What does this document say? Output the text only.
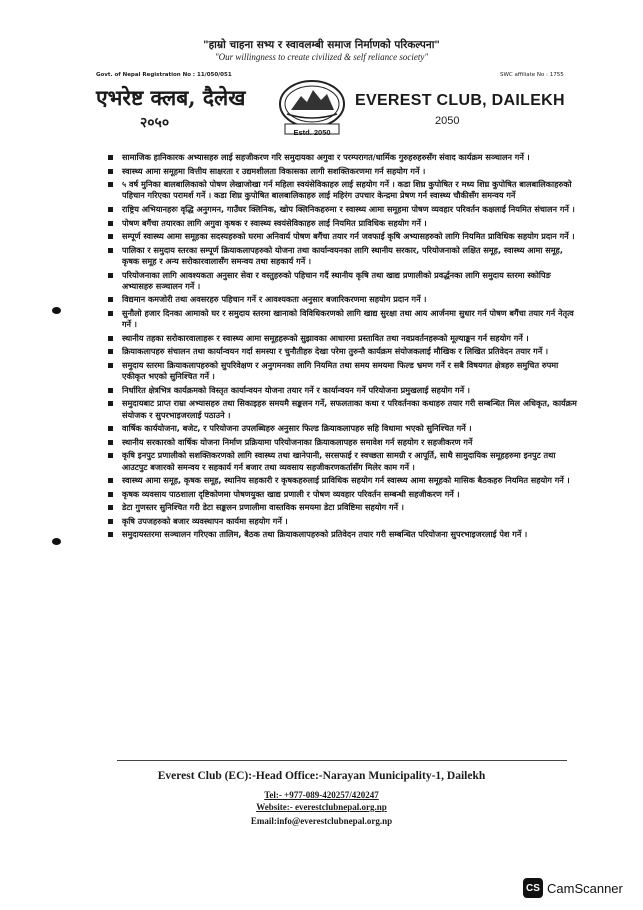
"हाम्रो चाहना सभ्य र स्वावलम्बी समाज निर्माणको परिकल्पना"
"Our willingness to create civilized & self reliance society"
Govt. of Nepal Registration No : 11/050/051	SWC affiliate No : 1755
एभरेष्ट क्लब, दैलेख
२०५०
Estd. 2050
EVEREST CLUB, DAILEKH
2050
सामाजिक हानिकारक अभ्यासहरु लाई सहजीकरण गरि समुदायका अगुवा र परम्परागत/धार्मिक गुरुहरुहरुसँग संवाद कार्यक्रम सञ्चालन गर्ने ।
स्वास्थ्य आमा समूहमा वित्तीय साक्षरता र उद्यमशीलता विकासका लागी सशक्तिकरणमा गर्न सहयोग गर्ने ।
५ वर्ष मुनिका बालबालिकाको पोषण लेखाजोखा गर्न महिला स्वयंसेविकाहरु लाई सहयोग गर्ने । कडा शिघ्र कुपोषित र मध्य शिघ्र कुपोषित बालबालिकाहरुको पहिचान गरिएका परामर्श गर्ने । कडा शिघ्र कुपोषित बालबालिकाहरु लाई महिरंग उपचार केन्द्रमा प्रेषण गर्न स्वास्थ्य चौकीसँग समन्वय गर्ने
राष्ट्रिय अभियानहरुः वृद्धि अनुगमन, गाउँघर क्लिनिक, खोप क्लिनिकहरुमा र स्वास्थ्य आमा समूहमा पोषण व्यवहार परिवर्तन कक्षलाई नियमित संचालन गर्ने ।
पोषण बगैंचा तयारका लागि अगुवा कृषक र स्वास्थ्य स्वयंसेविकाहरु लाई नियमित प्राविधिक सहयोग गर्ने ।
सम्पूर्ण स्वास्थ्य आमा समूहका सदस्यहरुको घरमा अनिवार्य पोषण बगैंचा तयार गर्न जवफाई कृषि अभ्यासहरुको लागि नियमित प्राविधिक सहयोग प्रदान गर्ने ।
पालिका र समुदाय स्तरका सम्पूर्ण क्रियाकलापहरुको योजना तथा कार्यान्वयनका लागि स्थानीय सरकार, परियोजनाको लक्षित समूह, स्वास्थ्य आमा समूह, कृषक समूह र अन्य सरोकारवालासँग समन्वय तथा सहकार्य गर्ने ।
परियोजनाका लागि आवश्यकता अनुसार सेवा र वस्तुहरुको पहिचान गर्दै स्थानीय कृषि तथा खाद्य प्रणालीको प्रवर्द्धनका लागि समुदाय स्तरमा स्कोपिङ अभ्यासहरु सञ्चालन गर्ने ।
विद्यमान कमजोरी तथा अवसरहरु पहिचान गर्ने र आवश्यकता अनुसार बजारिकरणमा सहयोग प्रदान गर्ने ।
सुनौलो हजार दिनका आमाको घर र समुदाय स्तरमा खानाको विविधिकरणको लागि खाद्य सुरक्षा तथा आय आर्जनमा सुधार गर्न पोषण बगैंचा तयार गर्न नेतृत्व गर्ने ।
स्थानीय तहका सरोकारवालाहरू र स्वास्थ्य आमा समूहहरूको सुझावका आधारमा प्रस्तावित तथा नवप्रवर्तनहरूको मूल्याङ्कन गर्न सहयोग गर्ने ।
क्रियाकलापहरु संचालन तथा कार्यान्वयन गर्दा समस्या र चुनौतीहरु देखा परेमा तुरुन्तै कार्यक्रम संयोजकलाई मौखिक र लिखित प्रतिवेदन तयार गर्ने ।
समुदाय स्तरमा क्रियाकलापहरुको सुपरिवेक्षण र अनुगमनका लागि नियमित तथा समय समयमा फिल्ड भ्रमण गर्ने र सबै विषयगत क्षेत्रहरु समुचित रुपमा एकीकृत भएको सुनिश्चित गर्ने ।
निर्धारित क्षेत्रभित्र कार्यक्रमको विस्तृत कार्यान्वयन योजना तयार गर्ने र कार्यान्वयन गर्ने परियोजना प्रमुखलाई सहयोग गर्ने ।
समुदायबाट प्राप्त राम्रा अभ्यासहरु तथा सिकाइहरु समयमै सङ्कलन गर्ने, सफलताका कथा र परिवर्तनका कथाहरु तयार गरी सम्बन्धित मिल अधिकृत, कार्यक्रम संयोजक र सुपरभाइजरलाई पठाउने ।
वार्षिक कार्ययोजना, बजेट, र परियोजना उपलब्धिहरु अनुसार फिल्ड क्रियाकलापहरु सहि विधामा भएको सुनिश्चित गर्ने ।
स्थानीय सरकारको वार्षिक योजना निर्माण प्रक्रियामा परियोजनाका क्रियाकलापहरु समावेश गर्न सहयोग र सहजीकरण गर्ने
कृषि इनपुट प्रणालीको सशक्तिकरणको लागि स्वास्थ्य तथा खानेपानी, सरसफाई र स्वच्छता सामग्री र आपूर्ति, साथै सामुदायिक समूहहरुमा इनपुट तथा आउटपुट बजारको समन्वय र सहकार्य गर्न बजार तथा व्यवसाय सहजीकरणकर्तासँग मिलेर काम गर्ने ।
स्वास्थ्य आमा समूह, कृषक समूह, स्थानिय सहकारी र कृषकहरुलाई प्राविधिक सहयोग गर्न स्वास्थ्य आमा समूहको मासिक बैठकहरु नियमित सहयोग गर्ने ।
कृषक व्यवसाय पाठशाला दृष्टिकोणमा पोषणयुक्त खाद्य प्रणाली र पोषण व्यवहार परिवर्तन सम्बन्धी सहजीकरण गर्ने ।
डेटा गुणस्तर सुनिश्चित गरी डेटा सङ्कलन प्रणालीमा वास्तविक समयमा डेटा प्रविष्टिमा सहयोग गर्ने ।
कृषि उपजहरुको बजार व्यवस्थापन कार्यमा सहयोग गर्ने ।
समुदायस्तरमा सञ्चालन गरिएका तालिम, बैठक तथा क्रियाकलापहरुको प्रतिवेदन तयार गरी सम्बन्धित परियोजना सुपरभाइजरलाई पेश गर्ने ।
Everest Club (EC):-Head Office:-Narayan Municipality-1, Dailekh
Tel:- +977-089-420257/420247
Website:- everestclubnepal.org.np
Email:info@everestclubnepal.org.np
CS CamScanner
